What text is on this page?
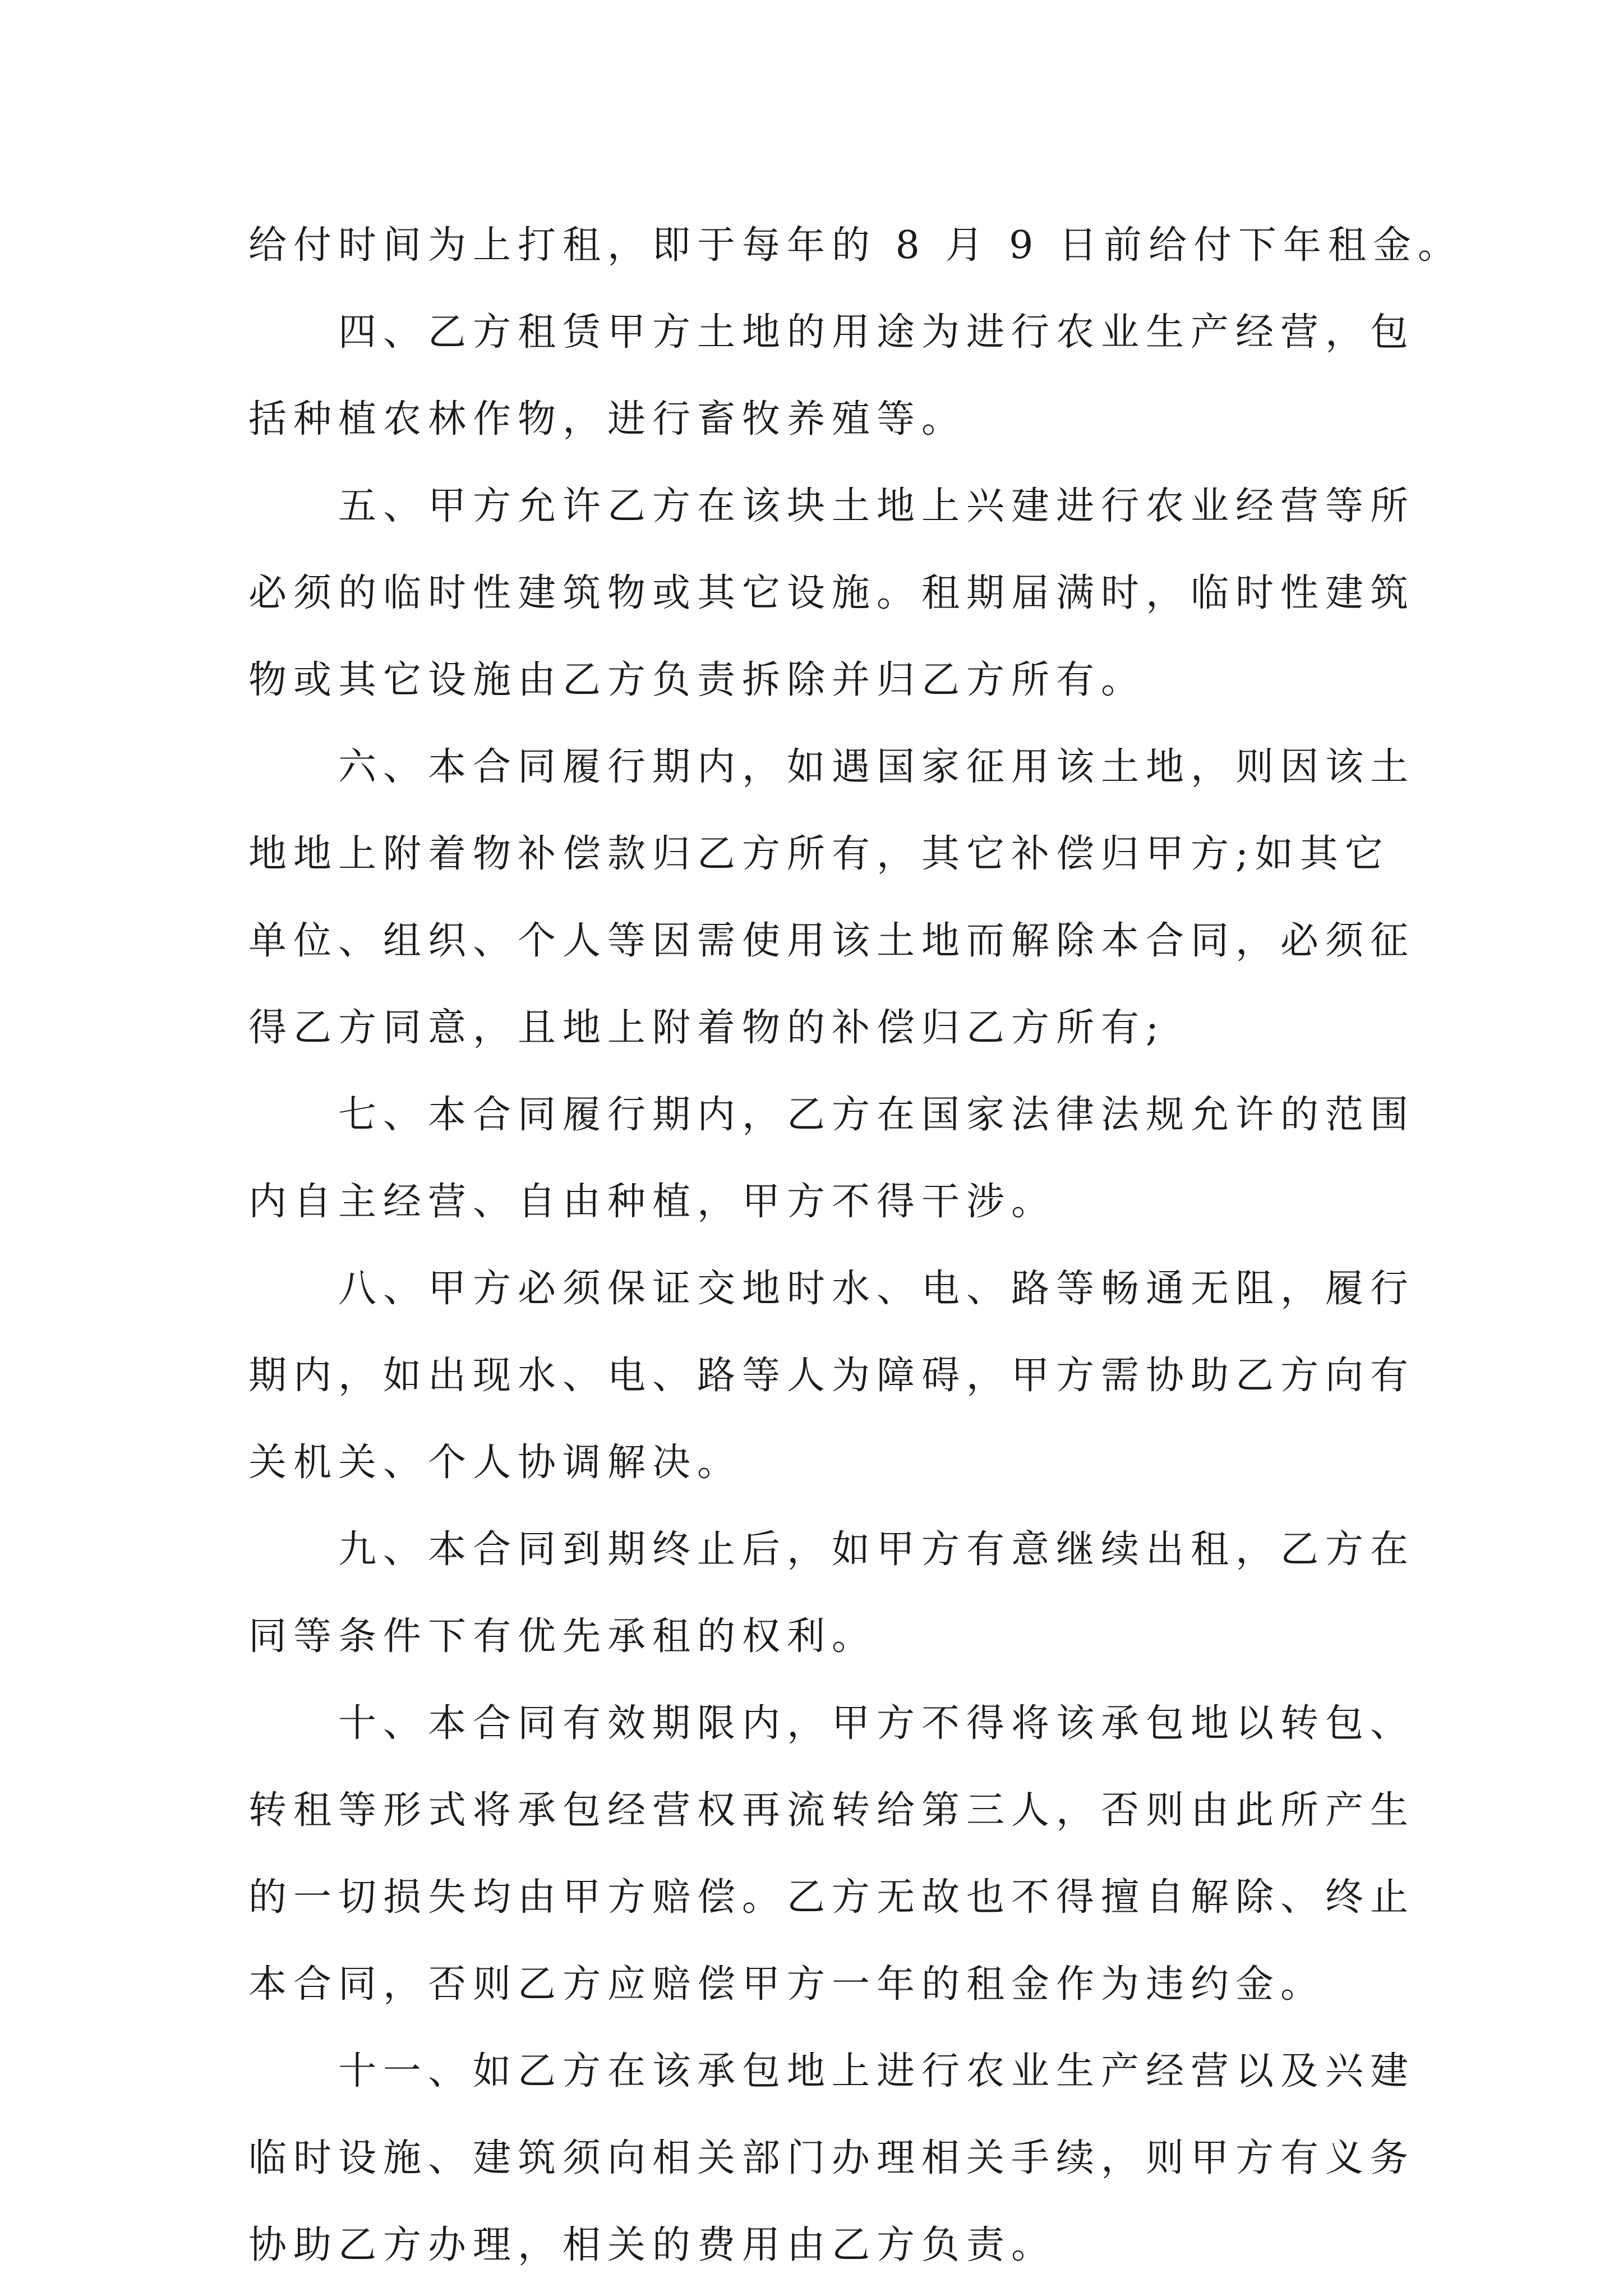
给付时间为上打租，即于每年的 8 月 9 日前给付下年租金。
　　四、乙方租赁甲方土地的用途为进行农业生产经营，包
括种植农林作物，进行畜牧养殖等。
　　五、甲方允许乙方在该块土地上兴建进行农业经营等所
必须的临时性建筑物或其它设施。租期届满时，临时性建筑
物或其它设施由乙方负责拆除并归乙方所有。
　　六、本合同履行期内，如遇国家征用该土地，则因该土
地地上附着物补偿款归乙方所有，其它补偿归甲方;如其它
单位、组织、个人等因需使用该土地而解除本合同，必须征
得乙方同意，且地上附着物的补偿归乙方所有;
　　七、本合同履行期内，乙方在国家法律法规允许的范围
内自主经营、自由种植，甲方不得干涉。
　　八、甲方必须保证交地时水、电、路等畅通无阻，履行
期内，如出现水、电、路等人为障碍，甲方需协助乙方向有
关机关、个人协调解决。
　　九、本合同到期终止后，如甲方有意继续出租，乙方在
同等条件下有优先承租的权利。
　　十、本合同有效期限内，甲方不得将该承包地以转包、
转租等形式将承包经营权再流转给第三人，否则由此所产生
的一切损失均由甲方赔偿。乙方无故也不得擅自解除、终止
本合同，否则乙方应赔偿甲方一年的租金作为违约金。
　　十一、如乙方在该承包地上进行农业生产经营以及兴建
临时设施、建筑须向相关部门办理相关手续，则甲方有义务
协助乙方办理，相关的费用由乙方负责。
